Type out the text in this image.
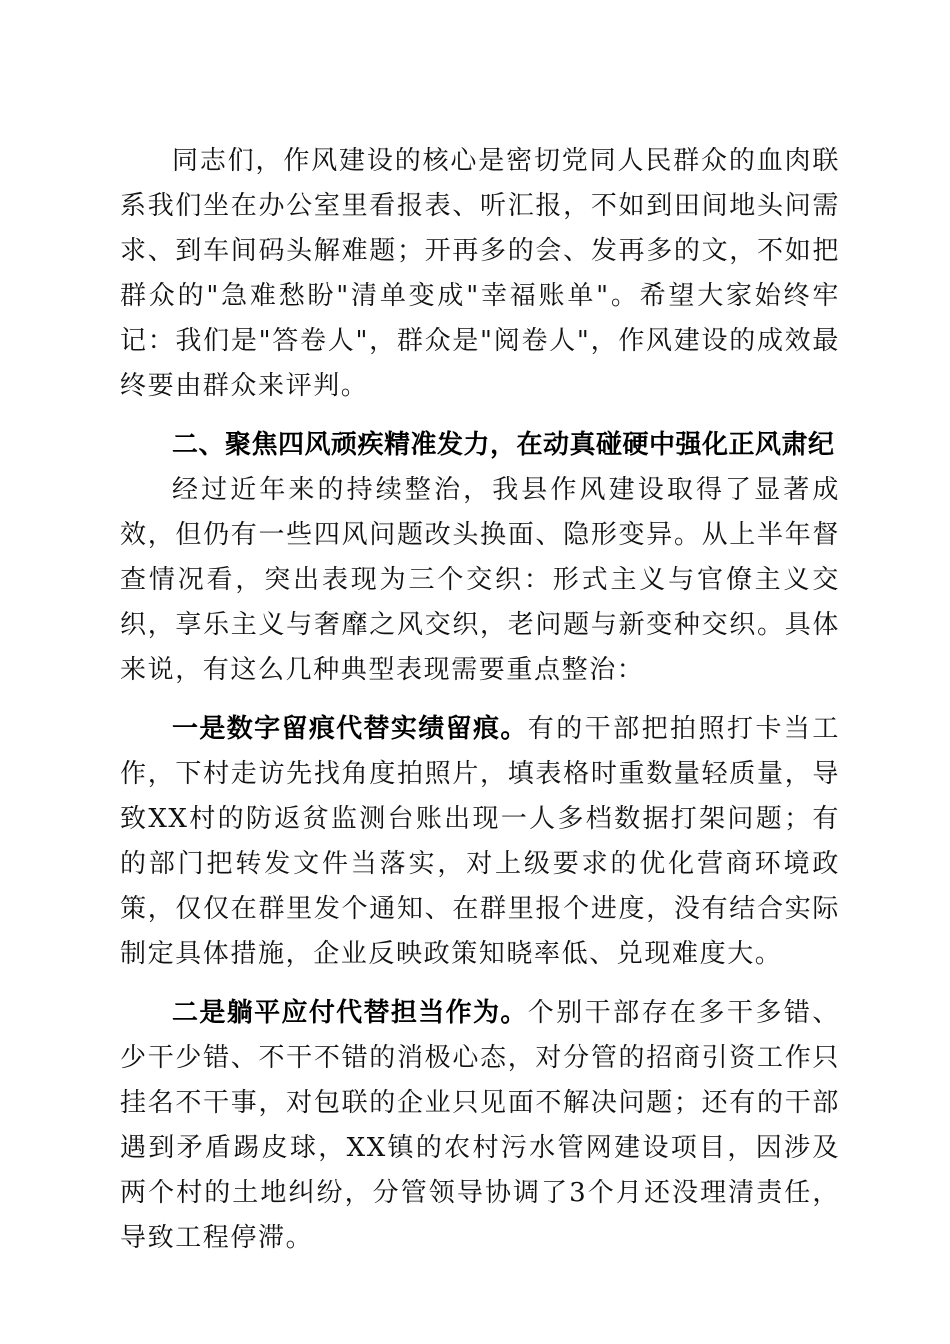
同志们，作风建设的核心是密切党同人民群众的血肉联系我们坐在办公室里看报表、听汇报，不如到田间地头问需求、到车间码头解难题；开再多的会、发再多的文，不如把群众的"急难愁盼"清单变成"幸福账单"。希望大家始终牢记：我们是"答卷人"，群众是"阅卷人"，作风建设的成效最终要由群众来评判。

二、聚焦四风顽疾精准发力，在动真碰硬中强化正风肃纪

经过近年来的持续整治，我县作风建设取得了显著成效，但仍有一些四风问题改头换面、隐形变异。从上半年督查情况看，突出表现为三个交织：形式主义与官僚主义交织，享乐主义与奢靡之风交织，老问题与新变种交织。具体来说，有这么几种典型表现需要重点整治：

一是数字留痕代替实绩留痕。有的干部把拍照打卡当工作，下村走访先找角度拍照片，填表格时重数量轻质量，导致XX村的防返贫监测台账出现一人多档数据打架问题；有的部门把转发文件当落实，对上级要求的优化营商环境政策，仅仅在群里发个通知、在群里报个进度，没有结合实际制定具体措施，企业反映政策知晓率低、兑现难度大。

二是躺平应付代替担当作为。个别干部存在多干多错、少干少错、不干不错的消极心态，对分管的招商引资工作只挂名不干事，对包联的企业只见面不解决问题；还有的干部遇到矛盾踢皮球，XX镇的农村污水管网建设项目，因涉及两个村的土地纠纷，分管领导协调了3个月还没理清责任，导致工程停滞。
